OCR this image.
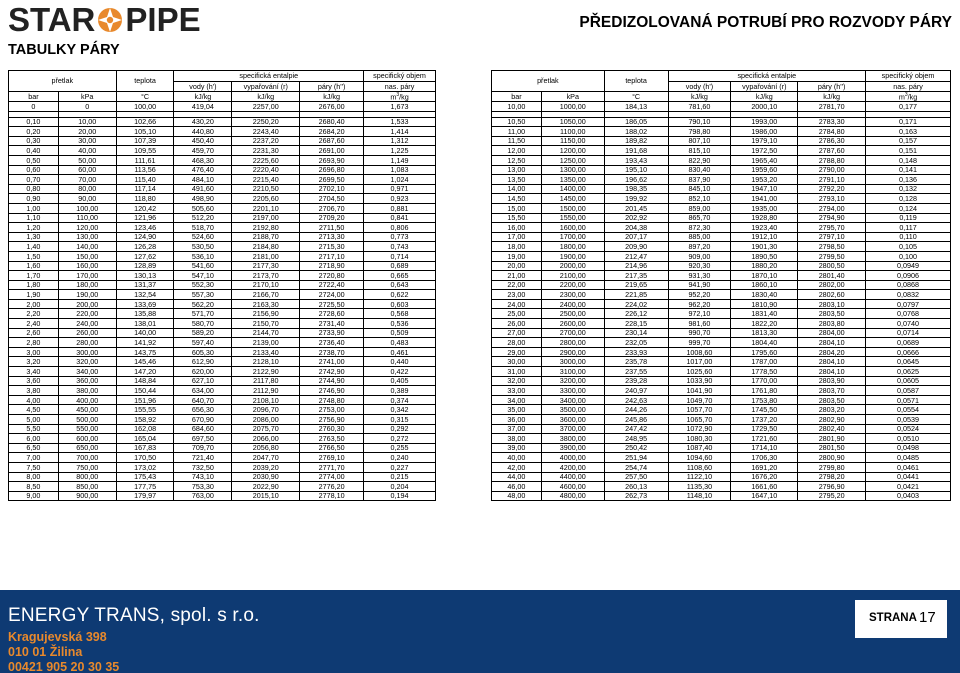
STAR PIPE	PŘEDIZOLOVANÁ POTRUBÍ PRO ROZVODY PÁRY
TABULKY PÁRY
přetlak		teplota	specifická entalpie			specifický objem
			vody (h')	vypařování (r)	páry (h'')	nas. páry
bar	kPa	°C	kJ/kg	kJ/kg	kJ/kg	$m^3/kg$
0	0	100,00	419,04	2257,00	2676,00	1,673

0,10	10,00	102,66	430,20	2250,20	2680,40	1,533
0,20	20,00	105,10	440,80	2243,40	2684,20	1,414
0,30	30,00	107,39	450,40	2237,20	2687,60	1,312
0,40	40,00	109,55	459,70	2231,30	2691,00	1,225
0,50	50,00	111,61	468,30	2225,60	2693,90	1,149
0,60	60,00	113,56	476,40	2220,40	2696,80	1,083
0,70	70,00	115,40	484,10	2215,40	2699,50	1,024
0,80	80,00	117,14	491,60	2210,50	2702,10	0,971
0,90	90,00	118,80	498,90	2205,60	2704,50	0,923
1,00	100,00	120,42	505,60	2201,10	2706,70	0,881
1,10	110,00	121,96	512,20	2197,00	2709,20	0,841
1,20	120,00	123,46	518,70	2192,80	2711,50	0,806
1,30	130,00	124,90	524,60	2188,70	2713,30	0,773
1,40	140,00	126,28	530,50	2184,80	2715,30	0,743
1,50	150,00	127,62	536,10	2181,00	2717,10	0,714
1,60	160,00	128,89	541,60	2177,30	2718,90	0,689
1,70	170,00	130,13	547,10	2173,70	2720,80	0,665
1,80	180,00	131,37	552,30	2170,10	2722,40	0,643
1,90	190,00	132,54	557,30	2166,70	2724,00	0,622
2,00	200,00	133,69	562,20	2163,30	2725,50	0,603
2,20	220,00	135,88	571,70	2156,90	2728,60	0,568
2,40	240,00	138,01	580,70	2150,70	2731,40	0,536
2,60	260,00	140,00	589,20	2144,70	2733,90	0,509
2,80	280,00	141,92	597,40	2139,00	2736,40	0,483
3,00	300,00	143,75	605,30	2133,40	2738,70	0,461
3,20	320,00	145,46	612,90	2128,10	2741,00	0,440
3,40	340,00	147,20	620,00	2122,90	2742,90	0,422
3,60	360,00	148,84	627,10	2117,80	2744,90	0,405
3,80	380,00	150,44	634,00	2112,90	2746,90	0,389
4,00	400,00	151,96	640,70	2108,10	2748,80	0,374
4,50	450,00	155,55	656,30	2096,70	2753,00	0,342
5,00	500,00	158,92	670,90	2086,00	2756,90	0,315
5,50	550,00	162,08	684,60	2075,70	2760,30	0,292
6,00	600,00	165,04	697,50	2066,00	2763,50	0,272
6,50	650,00	167,83	709,70	2056,80	2766,50	0,255
7,00	700,00	170,50	721,40	2047,70	2769,10	0,240
7,50	750,00	173,02	732,50	2039,20	2771,70	0,227
8,00	800,00	175,43	743,10	2030,90	2774,00	0,215
8,50	850,00	177,75	753,30	2022,90	2776,20	0,204
9,00	900,00	179,97	763,00	2015,10	2778,10	0,194
přetlak		teplota	specifická entalpie			specifický objem
			vody (h')	vypařování (r)	páry (h'')	nas. páry
bar	kPa	°C	kJ/kg	kJ/kg	kJ/kg	$m^3/kg$
10,00	1000,00	184,13	781,60	2000,10	2781,70	0,177

10,50	1050,00	186,05	790,10	1993,00	2783,30	0,171
11,00	1100,00	188,02	798,80	1986,00	2784,80	0,163
11,50	1150,00	189,82	807,10	1979,10	2786,30	0,157
12,00	1200,00	191,68	815,10	1972,50	2787,60	0,151
12,50	1250,00	193,43	822,90	1965,40	2788,80	0,148
13,00	1300,00	195,10	830,40	1959,60	2790,00	0,141
13,50	1350,00	196,62	837,90	1953,20	2791,10	0,136
14,00	1400,00	198,35	845,10	1947,10	2792,20	0,132
14,50	1450,00	199,92	852,10	1941,00	2793,10	0,128
15,00	1500,00	201,45	859,00	1935,00	2794,00	0,124
15,50	1550,00	202,92	865,70	1928,80	2794,90	0,119
16,00	1600,00	204,38	872,30	1923,40	2795,70	0,117
17,00	1700,00	207,17	885,00	1912,10	2797,10	0,110
18,00	1800,00	209,90	897,20	1901,30	2798,50	0,105
19,00	1900,00	212,47	909,00	1890,50	2799,50	0,100
20,00	2000,00	214,96	920,30	1880,20	2800,50	0,0949
21,00	2100,00	217,35	931,30	1870,10	2801,40	0,0906
22,00	2200,00	219,65	941,90	1860,10	2802,00	0,0868
23,00	2300,00	221,85	952,20	1830,40	2802,60	0,0832
24,00	2400,00	224,02	962,20	1810,90	2803,10	0,0797
25,00	2500,00	226,12	972,10	1831,40	2803,50	0,0768
26,00	2600,00	228,15	981,60	1822,20	2803,80	0,0740
27,00	2700,00	230,14	990,70	1813,30	2804,00	0,0714
28,00	2800,00	232,05	999,70	1804,40	2804,10	0,0689
29,00	2900,00	233,93	1008,60	1795,60	2804,20	0,0666
30,00	3000,00	235,78	1017,00	1787,00	2804,10	0,0645
31,00	3100,00	237,55	1025,60	1778,50	2804,10	0,0625
32,00	3200,00	239,28	1033,90	1770,00	2803,90	0,0605
33,00	3300,00	240,97	1041,90	1761,80	2803,70	0,0587
34,00	3400,00	242,63	1049,70	1753,80	2803,50	0,0571
35,00	3500,00	244,26	1057,70	1745,50	2803,20	0,0554
36,00	3600,00	245,86	1065,70	1737,20	2802,90	0,0539
37,00	3700,00	247,42	1072,90	1729,50	2802,40	0,0524
38,00	3800,00	248,95	1080,30	1721,60	2801,90	0,0510
39,00	3900,00	250,42	1087,40	1714,10	2801,50	0,0498
40,00	4000,00	251,94	1094,60	1706,30	2800,90	0,0485
42,00	4200,00	254,74	1108,60	1691,20	2799,80	0,0461
44,00	4400,00	257,50	1122,10	1676,20	2798,20	0,0441
46,00	4600,00	260,13	1135,30	1661,60	2796,90	0,0421
48,00	4800,00	262,73	1148,10	1647,10	2795,20	0,0403
ENERGY TRANS, spol. s r.o.
Kragujevská 398
010 01 Žilina
00421 905 20 30 35
STRANA 17
